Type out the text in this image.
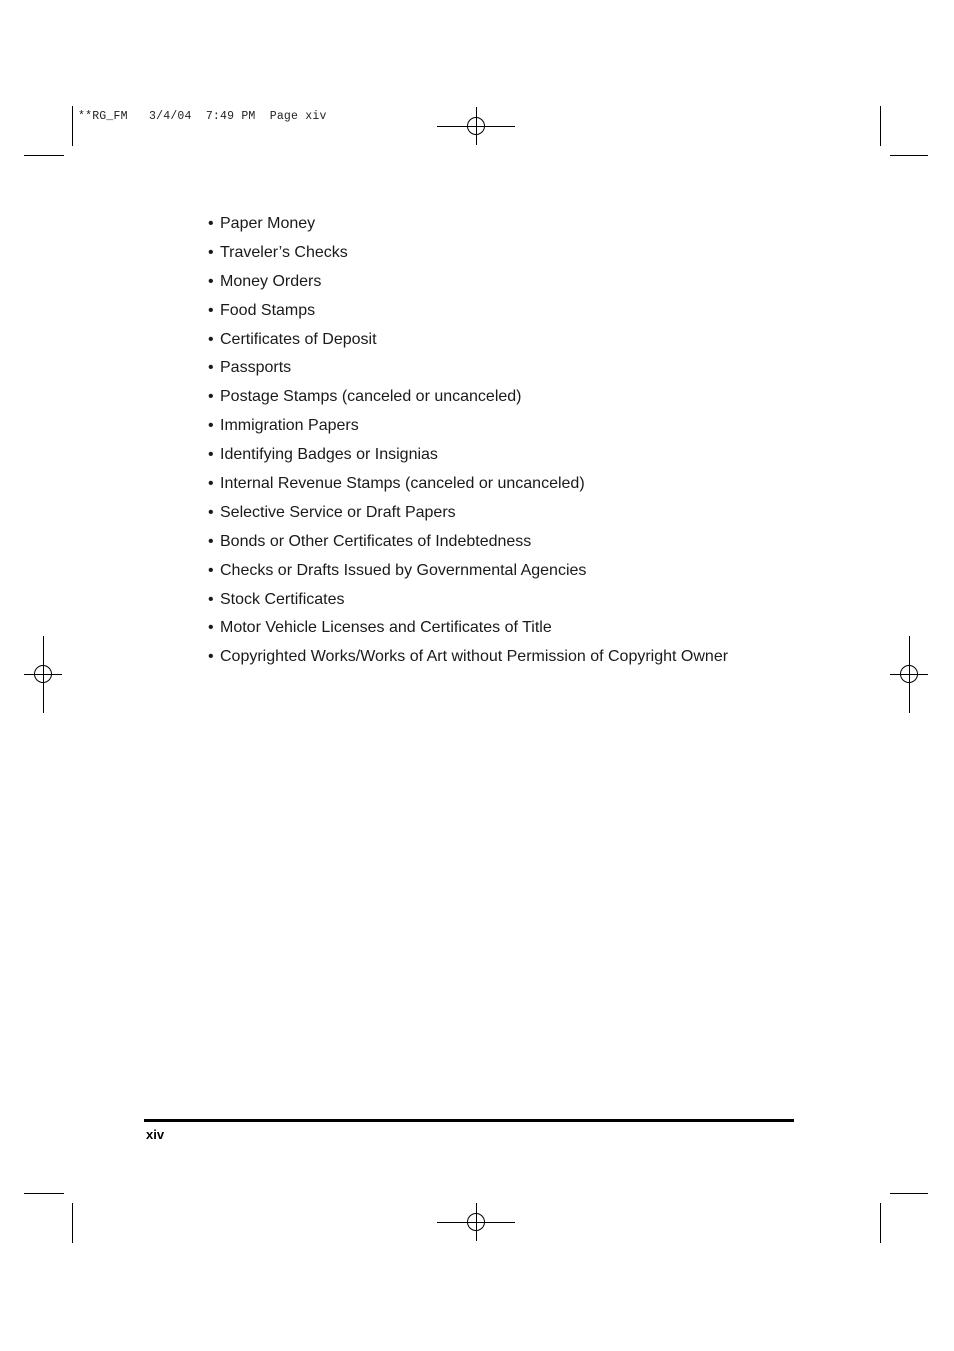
**RG_FM   3/4/04  7:49 PM  Page xiv
• Paper Money
• Traveler’s Checks
• Money Orders
• Food Stamps
• Certificates of Deposit
• Passports
• Postage Stamps (canceled or uncanceled)
• Immigration Papers
• Identifying Badges or Insignias
• Internal Revenue Stamps (canceled or uncanceled)
• Selective Service or Draft Papers
• Bonds or Other Certificates of Indebtedness
• Checks or Drafts Issued by Governmental Agencies
• Stock Certificates
• Motor Vehicle Licenses and Certificates of Title
• Copyrighted Works/Works of Art without Permission of Copyright Owner
xiv
